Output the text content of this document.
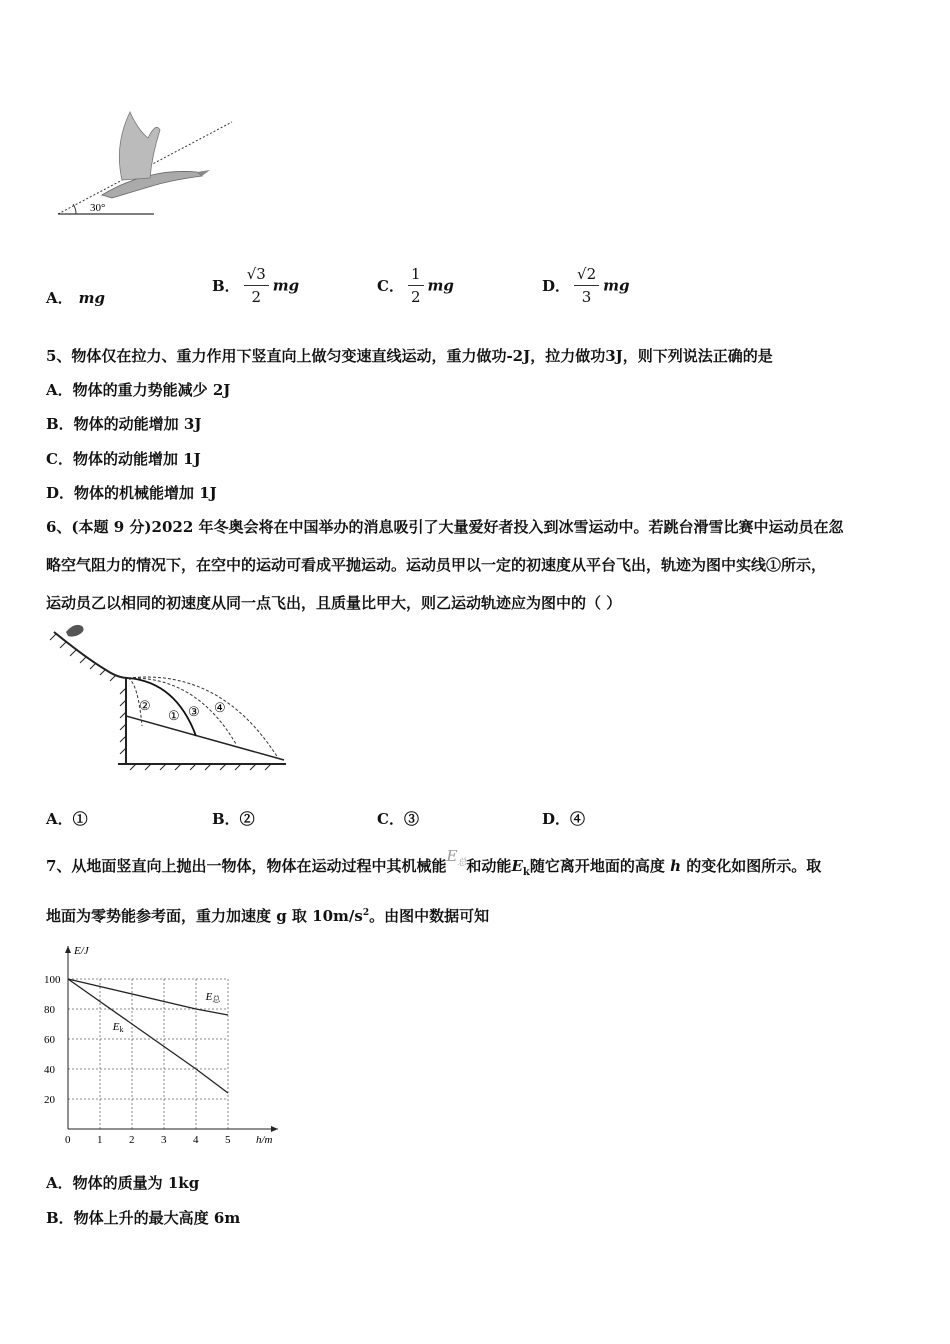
30°
A． mg
B． $\frac{√3}{2}$ mg	C． $\frac{1}{2}$ mg	D． $\frac{√2}{3}$ mg
5、物体仅在拉力、重力作用下竖直向上做匀变速直线运动，重力做功-2J，拉力做功3J，则下列说法正确的是
A．物体的重力势能减少 2J
B．物体的动能增加 3J
C．物体的动能增加 1J
D．物体的机械能增加 1J
6、(本题 9 分)2022 年冬奥会将在中国举办的消息吸引了大量爱好者投入到冰雪运动中。若跳台滑雪比赛中运动员在忽
略空气阻力的情况下，在空中的运动可看成平抛运动。运动员甲以一定的初速度从平台飞出，轨迹为图中实线①所示，
运动员乙以相同的初速度从同一点飞出，且质量比甲大，则乙运动轨迹应为图中的（ ）
②
① ③ ④
A．①	B．②	C．③	D．④
7、从地面竖直向上抛出一物体，物体在运动过程中其机械能$E_总$和动能$E_k$随它离开地面的高度 h 的变化如图所示。取
地面为零势能参考面，重力加速度 g 取 $10m/s^2$。由图中数据可知
0 1 2 3 4 5
20
40
60
80
100
E/J
h/m
E总
Ek
A．物体的质量为 1kg
B．物体上升的最大高度 6m
